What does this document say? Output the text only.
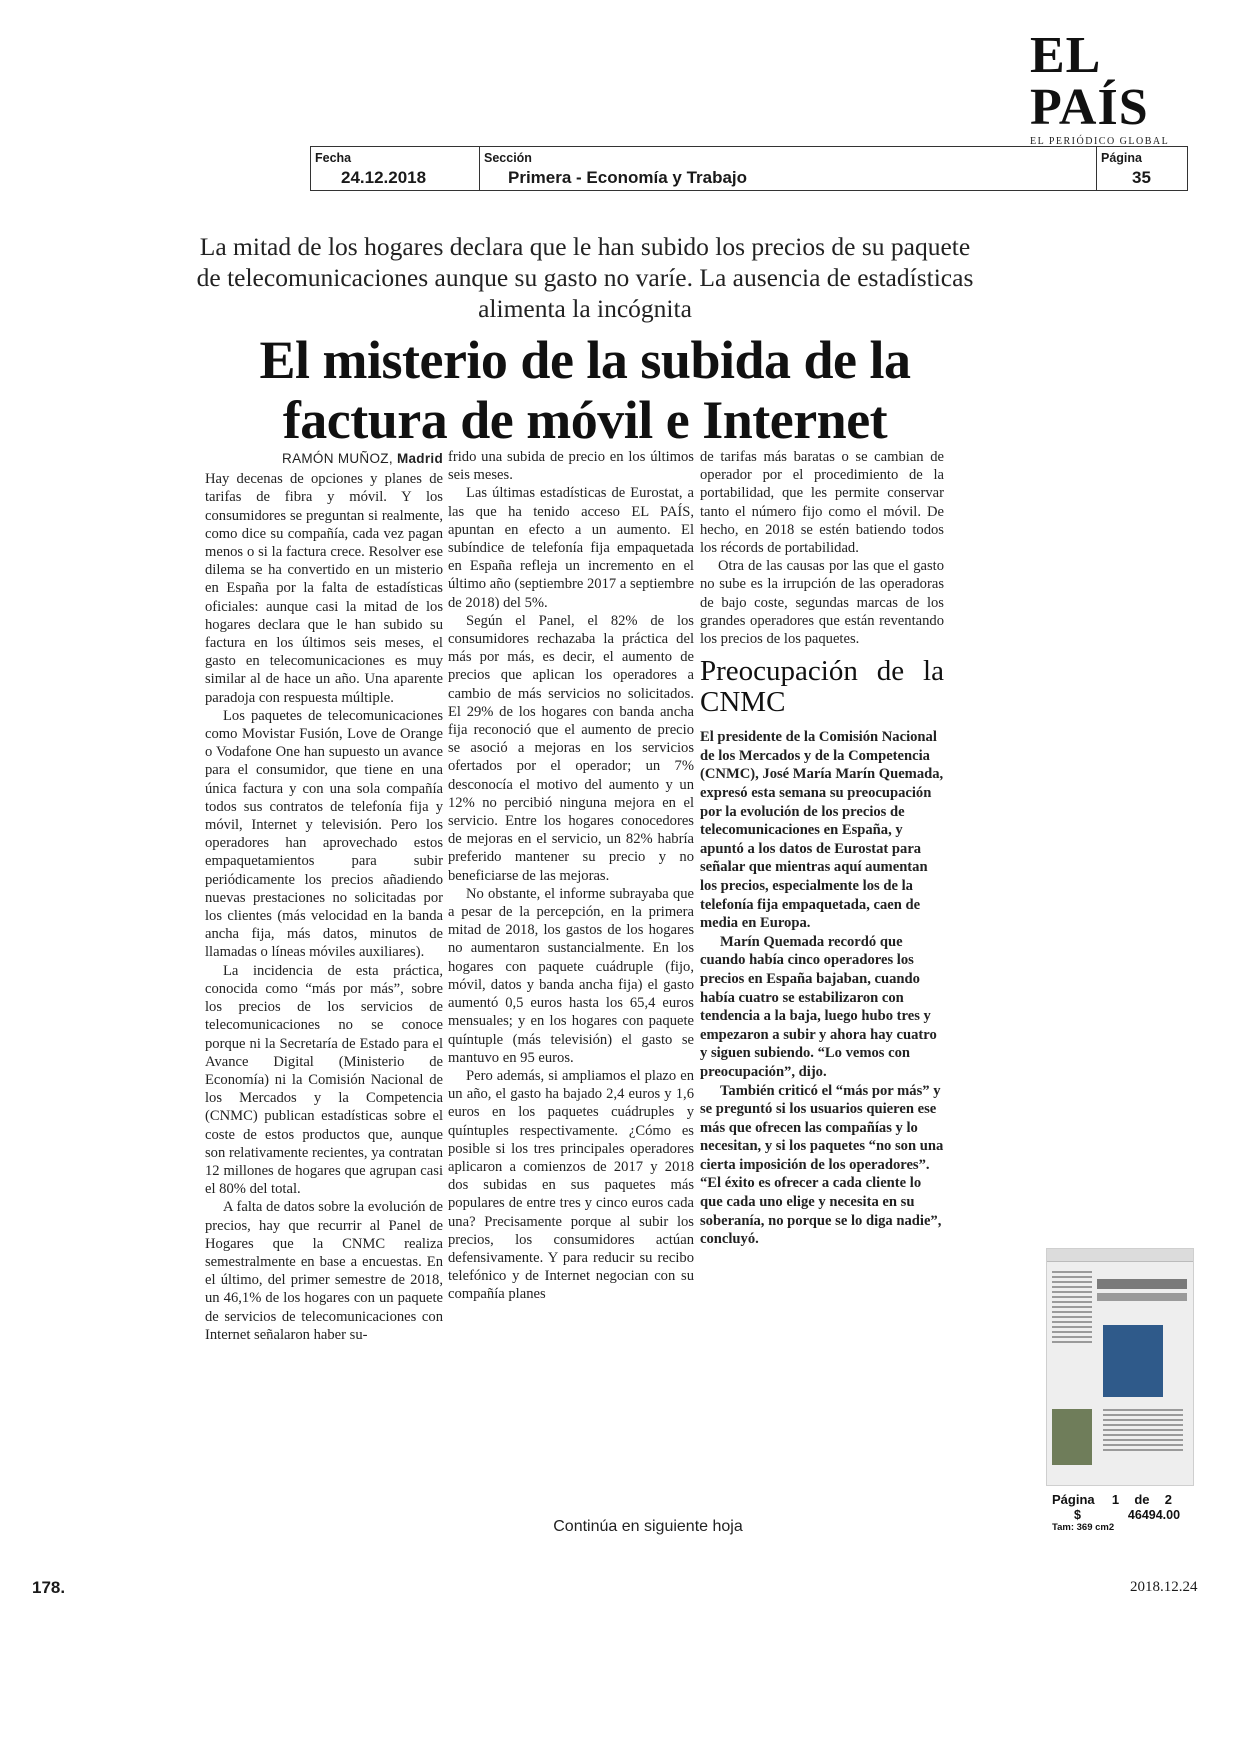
EL PAÍS
EL PERIÓDICO GLOBAL
Fecha
24.12.2018
Sección
Primera - Economía y Trabajo
Página
35
La mitad de los hogares declara que le han subido los precios de su paquete de telecomunicaciones aunque su gasto no varíe. La ausencia de estadísticas alimenta la incógnita
El misterio de la subida de la factura de móvil e Internet
RAMÓN MUÑOZ, Madrid

Hay decenas de opciones y planes de tarifas de fibra y móvil. Y los consumidores se preguntan si realmente, como dice su compañía, cada vez pagan menos o si la factura crece. Resolver ese dilema se ha convertido en un misterio en España por la falta de estadísticas oficiales: aunque casi la mitad de los hogares declara que le han subido su factura en los últimos seis meses, el gasto en telecomunicaciones es muy similar al de hace un año. Una aparente paradoja con respuesta múltiple.

Los paquetes de telecomunicaciones como Movistar Fusión, Love de Orange o Vodafone One han supuesto un avance para el consumidor, que tiene en una única factura y con una sola compañía todos sus contratos de telefonía fija y móvil, Internet y televisión. Pero los operadores han aprovechado estos empaquetamientos para subir periódicamente los precios añadiendo nuevas prestaciones no solicitadas por los clientes (más velocidad en la banda ancha fija, más datos, minutos de llamadas o líneas móviles auxiliares).

La incidencia de esta práctica, conocida como “más por más”, sobre los precios de los servicios de telecomunicaciones no se conoce porque ni la Secretaría de Estado para el Avance Digital (Ministerio de Economía) ni la Comisión Nacional de los Mercados y la Competencia (CNMC) publican estadísticas sobre el coste de estos productos que, aunque son relativamente recientes, ya contratan 12 millones de hogares que agrupan casi el 80% del total.

A falta de datos sobre la evolución de precios, hay que recurrir al Panel de Hogares que la CNMC realiza semestralmente en base a encuestas. En el último, del primer semestre de 2018, un 46,1% de los hogares con un paquete de servicios de telecomunicaciones con Internet señalaron haber su-

frido una subida de precio en los últimos seis meses.

Las últimas estadísticas de Eurostat, a las que ha tenido acceso EL PAÍS, apuntan en efecto a un aumento. El subíndice de telefonía fija empaquetada en España refleja un incremento en el último año (septiembre 2017 a septiembre de 2018) del 5%.

Según el Panel, el 82% de los consumidores rechazaba la práctica del más por más, es decir, el aumento de precios que aplican los operadores a cambio de más servicios no solicitados. El 29% de los hogares con banda ancha fija reconoció que el aumento de precio se asoció a mejoras en los servicios ofertados por el operador; un 7% desconocía el motivo del aumento y un 12% no percibió ninguna mejora en el servicio. Entre los hogares conocedores de mejoras en el servicio, un 82% habría preferido mantener su precio y no beneficiarse de las mejoras.

No obstante, el informe subrayaba que a pesar de la percepción, en la primera mitad de 2018, los gastos de los hogares no aumentaron sustancialmente. En los hogares con paquete cuádruple (fijo, móvil, datos y banda ancha fija) el gasto aumentó 0,5 euros hasta los 65,4 euros mensuales; y en los hogares con paquete quíntuple (más televisión) el gasto se mantuvo en 95 euros.

Pero además, si ampliamos el plazo en un año, el gasto ha bajado 2,4 euros y 1,6 euros en los paquetes cuádruples y quíntuples respectivamente. ¿Cómo es posible si los tres principales operadores aplicaron a comienzos de 2017 y 2018 dos subidas en sus paquetes más populares de entre tres y cinco euros cada una? Precisamente porque al subir los precios, los consumidores actúan defensivamente. Y para reducir su recibo telefónico y de Internet negocian con su compañía planes

de tarifas más baratas o se cambian de operador por el procedimiento de la portabilidad, que les permite conservar tanto el número fijo como el móvil. De hecho, en 2018 se estén batiendo todos los récords de portabilidad.

Otra de las causas por las que el gasto no sube es la irrupción de las operadoras de bajo coste, segundas marcas de los grandes operadores que están reventando los precios de los paquetes.

Preocupación de la CNMC

El presidente de la Comisión Nacional de los Mercados y de la Competencia (CNMC), José María Marín Quemada, expresó esta semana su preocupación por la evolución de los precios de telecomunicaciones en España, y apuntó a los datos de Eurostat para señalar que mientras aquí aumentan los precios, especialmente los de la telefonía fija empaquetada, caen de media en Europa.

Marín Quemada recordó que cuando había cinco operadores los precios en España bajaban, cuando había cuatro se estabilizaron con tendencia a la baja, luego hubo tres y empezaron a subir y ahora hay cuatro y siguen subiendo. “Lo vemos con preocupación”, dijo.

También criticó el “más por más” y se preguntó si los usuarios quieren ese más que ofrecen las compañías y lo necesitan, y si los paquetes “no son una cierta imposición de los operadores”. “El éxito es ofrecer a cada cliente lo que cada uno elige y necesita en su soberanía, no porque se lo diga nadie”, concluyó.

Página 1 de 2
$	46494.00
Tam: 369 cm2
Continúa en siguiente hoja
178.	2018.12.24
